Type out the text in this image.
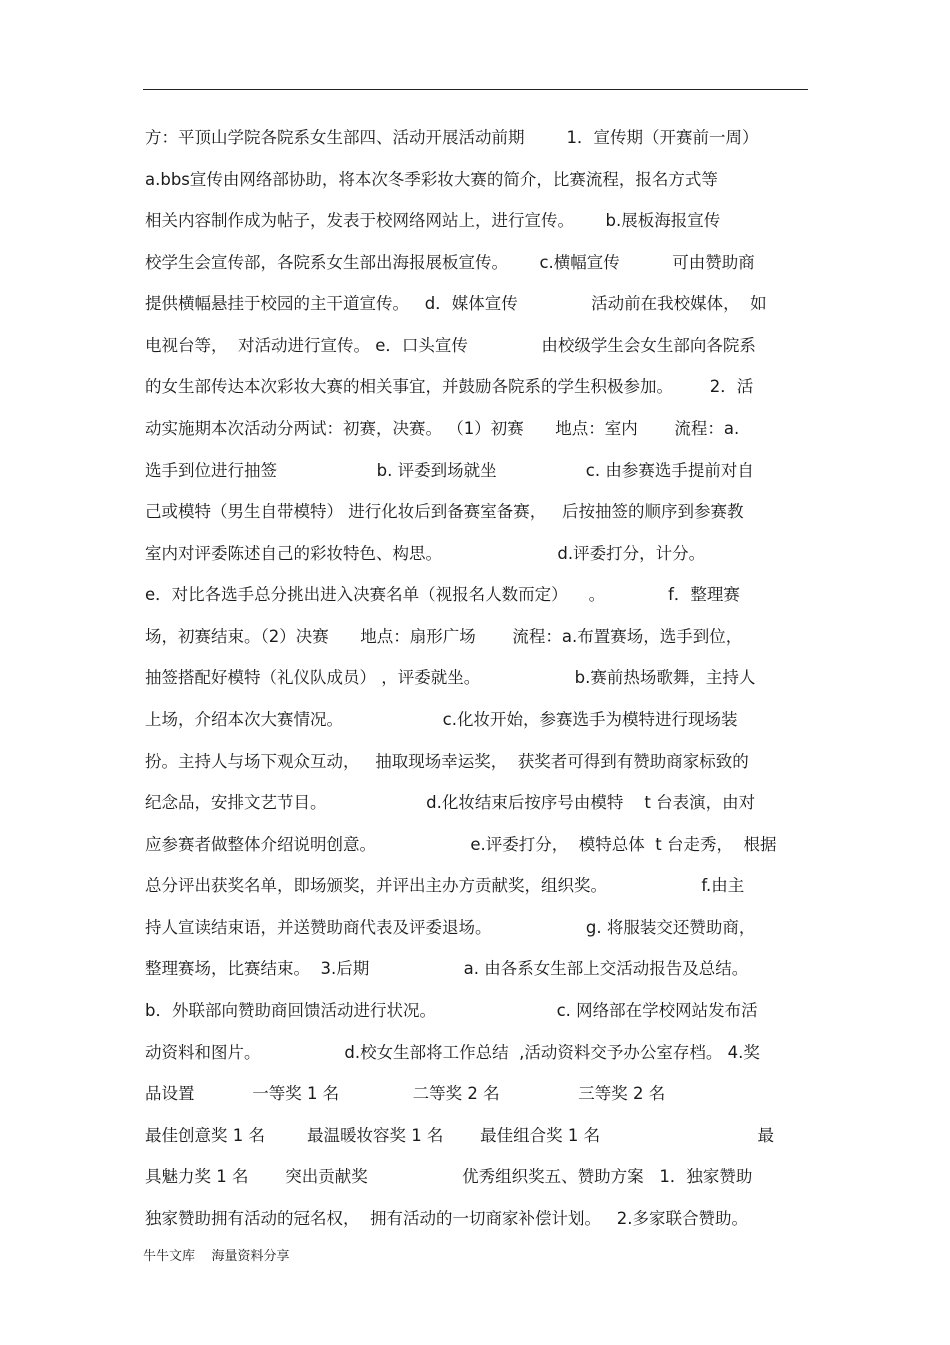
方：平顶山学院各院系女生部四、活动开展活动前期        1．宣传期（开赛前一周）
a.bbs宣传由网络部协助，将本次冬季彩妆大赛的简介，比赛流程，报名方式等
相关内容制作成为帖子，发表于校网络网站上，进行宣传。      b.展板海报宣传
校学生会宣传部，各院系女生部出海报展板宣传。      c.横幅宣传          可由赞助商
提供横幅悬挂于校园的主干道宣传。   d．媒体宣传              活动前在我校媒体，  如
电视台等，  对活动进行宣传。 e．口头宣传              由校级学生会女生部向各院系
的女生部传达本次彩妆大赛的相关事宜，并鼓励各院系的学生积极参加。       2．活
动实施期本次活动分两试：初赛，决赛。 （1）初赛      地点：室内       流程：a.
选手到位进行抽签                   b. 评委到场就坐                 c. 由参赛选手提前对自
己或模特（男生自带模特） 进行化妆后到备赛室备赛，   后按抽签的顺序到参赛教
室内对评委陈述自己的彩妆特色、构思。                      d.评委打分，计分。
e．对比各选手总分挑出进入决赛名单（视报名人数而定）    。            f．整理赛
场，初赛结束。（2）决赛      地点：扇形广场       流程：a.布置赛场，选手到位，
抽签搭配好模特（礼仪队成员） ，评委就坐。                  b.赛前热场歌舞，主持人
上场，介绍本次大赛情况。                   c.化妆开始，参赛选手为模特进行现场装
扮。主持人与场下观众互动，   抽取现场幸运奖，  获奖者可得到有赞助商家标致的
纪念品，安排文艺节目。                   d.化妆结束后按序号由模特    t 台表演，由对
应参赛者做整体介绍说明创意。                  e.评委打分，  模特总体  t 台走秀，  根据
总分评出获奖名单，即场颁奖，并评出主办方贡献奖，组织奖。                  f.由主
持人宣读结束语，并送赞助商代表及评委退场。                  g. 将服装交还赞助商，
整理赛场，比赛结束。  3.后期                  a. 由各系女生部上交活动报告及总结。
b．外联部向赞助商回馈活动进行状况。                       c. 网络部在学校网站发布活
动资料和图片。                d.校女生部将工作总结  ,活动资料交予办公室存档。 4.奖
品设置           一等奖 1 名              二等奖 2 名               三等奖 2 名
最佳创意奖 1 名        最温暖妆容奖 1 名       最佳组合奖 1 名                              最
具魅力奖 1 名       突出贡献奖                  优秀组织奖五、赞助方案   1．独家赞助
独家赞助拥有活动的冠名权，  拥有活动的一切商家补偿计划。   2.多家联合赞助。
牛牛文库    海量资料分享
